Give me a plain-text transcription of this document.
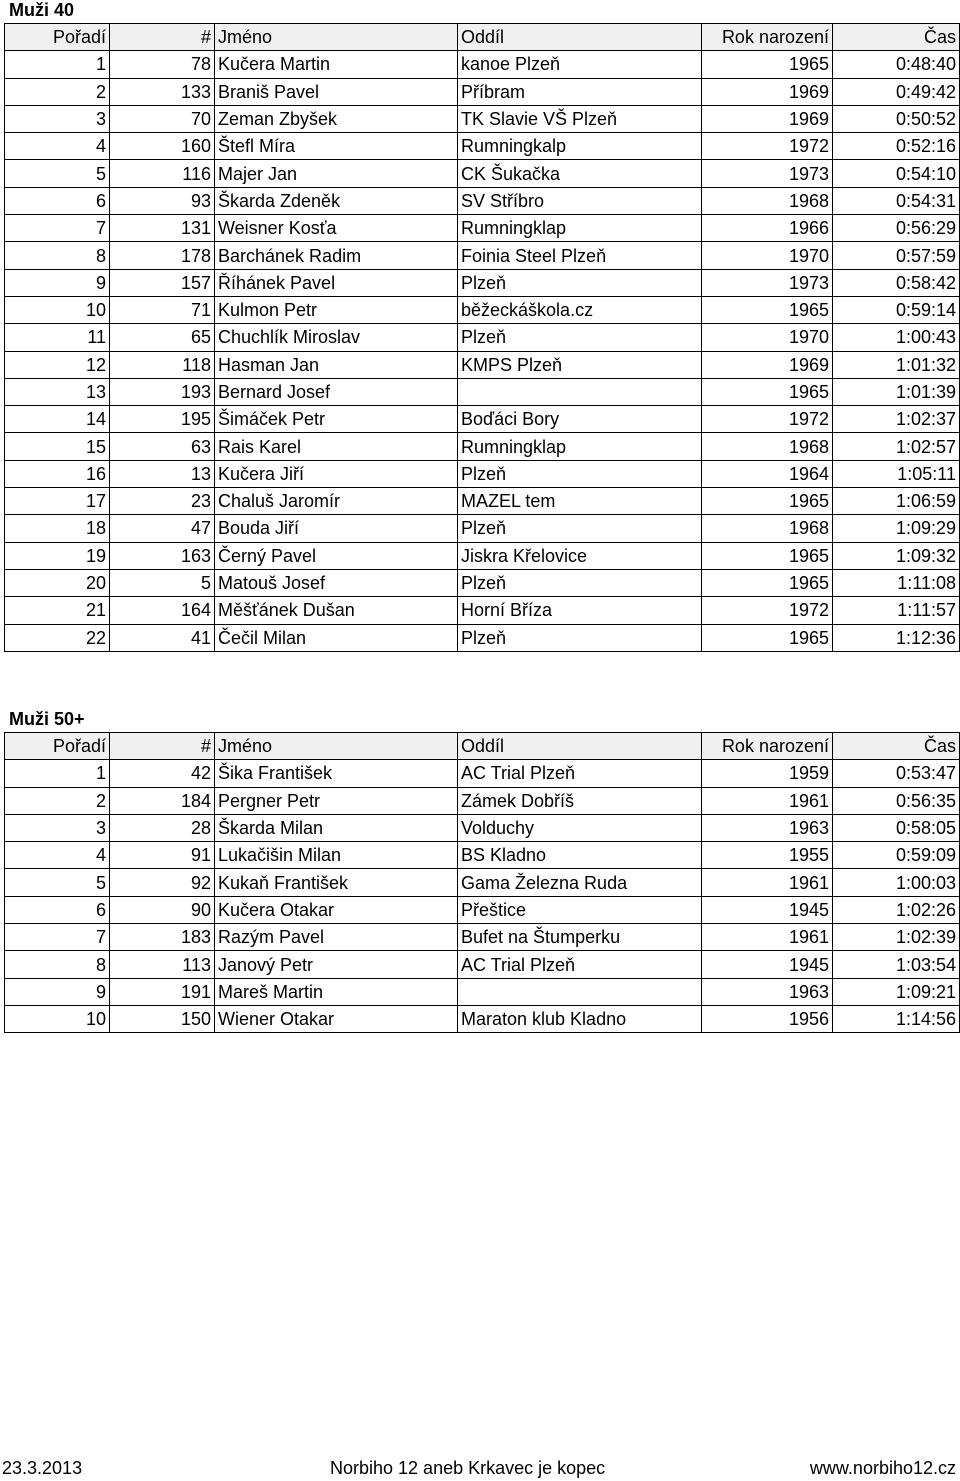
Muži 40
Pořadí	#	Jméno	Oddíl	Rok narození	Čas
1	78	Kučera Martin	kanoe Plzeň	1965	0:48:40
2	133	Braniš Pavel	Příbram	1969	0:49:42
3	70	Zeman Zbyšek	TK Slavie VŠ Plzeň	1969	0:50:52
4	160	Štefl Míra	Rumningkalp	1972	0:52:16
5	116	Majer Jan	CK Šukačka	1973	0:54:10
6	93	Škarda Zdeněk	SV Stříbro	1968	0:54:31
7	131	Weisner Kosťa	Rumningklap	1966	0:56:29
8	178	Barchánek Radim	Foinia Steel Plzeň	1970	0:57:59
9	157	Říhánek Pavel	Plzeň	1973	0:58:42
10	71	Kulmon Petr	běžeckáškola.cz	1965	0:59:14
11	65	Chuchlík Miroslav	Plzeň	1970	1:00:43
12	118	Hasman Jan	KMPS Plzeň	1969	1:01:32
13	193	Bernard Josef		1965	1:01:39
14	195	Šimáček Petr	Boďáci Bory	1972	1:02:37
15	63	Rais Karel	Rumningklap	1968	1:02:57
16	13	Kučera Jiří	Plzeň	1964	1:05:11
17	23	Chaluš Jaromír	MAZEL tem	1965	1:06:59
18	47	Bouda Jiří	Plzeň	1968	1:09:29
19	163	Černý Pavel	Jiskra Křelovice	1965	1:09:32
20	5	Matouš Josef	Plzeň	1965	1:11:08
21	164	Měšťánek Dušan	Horní Bříza	1972	1:11:57
22	41	Čečil Milan	Plzeň	1965	1:12:36
Muži 50+
Pořadí	#	Jméno	Oddíl	Rok narození	Čas
1	42	Šika František	AC Trial Plzeň	1959	0:53:47
2	184	Pergner Petr	Zámek Dobříš	1961	0:56:35
3	28	Škarda Milan	Volduchy	1963	0:58:05
4	91	Lukačišin Milan	BS Kladno	1955	0:59:09
5	92	Kukaň František	Gama Železna Ruda	1961	1:00:03
6	90	Kučera Otakar	Přeštice	1945	1:02:26
7	183	Razým Pavel	Bufet na Štumperku	1961	1:02:39
8	113	Janový Petr	AC Trial Plzeň	1945	1:03:54
9	191	Mareš Martin		1963	1:09:21
10	150	Wiener Otakar	Maraton klub Kladno	1956	1:14:56
23.3.2013	Norbiho 12 aneb Krkavec je kopec	www.norbiho12.cz
